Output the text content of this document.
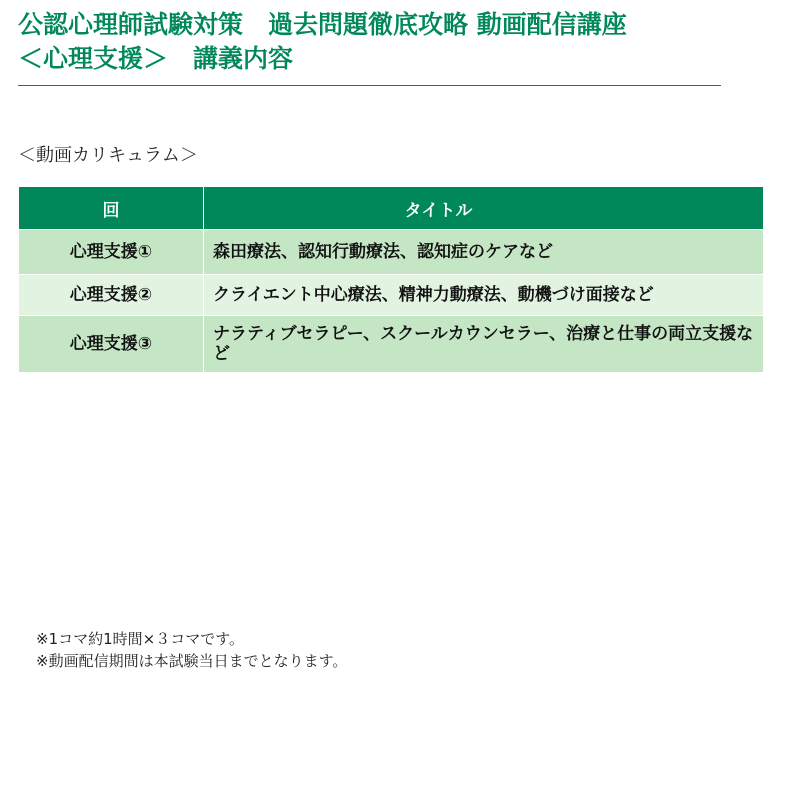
公認心理師試験対策　過去問題徹底攻略 動画配信講座
＜心理支援＞　講義内容
＜動画カリキュラム＞
回	タイトル
心理支援①	森田療法、認知行動療法、認知症のケアなど
心理支援②	クライエント中心療法、精神力動療法、動機づけ面接など
心理支援③	ナラティブセラピー、スクールカウンセラー、治療と仕事の両立支援など
※1コマ約1時間×３コマです。
※動画配信期間は本試験当日までとなります。
